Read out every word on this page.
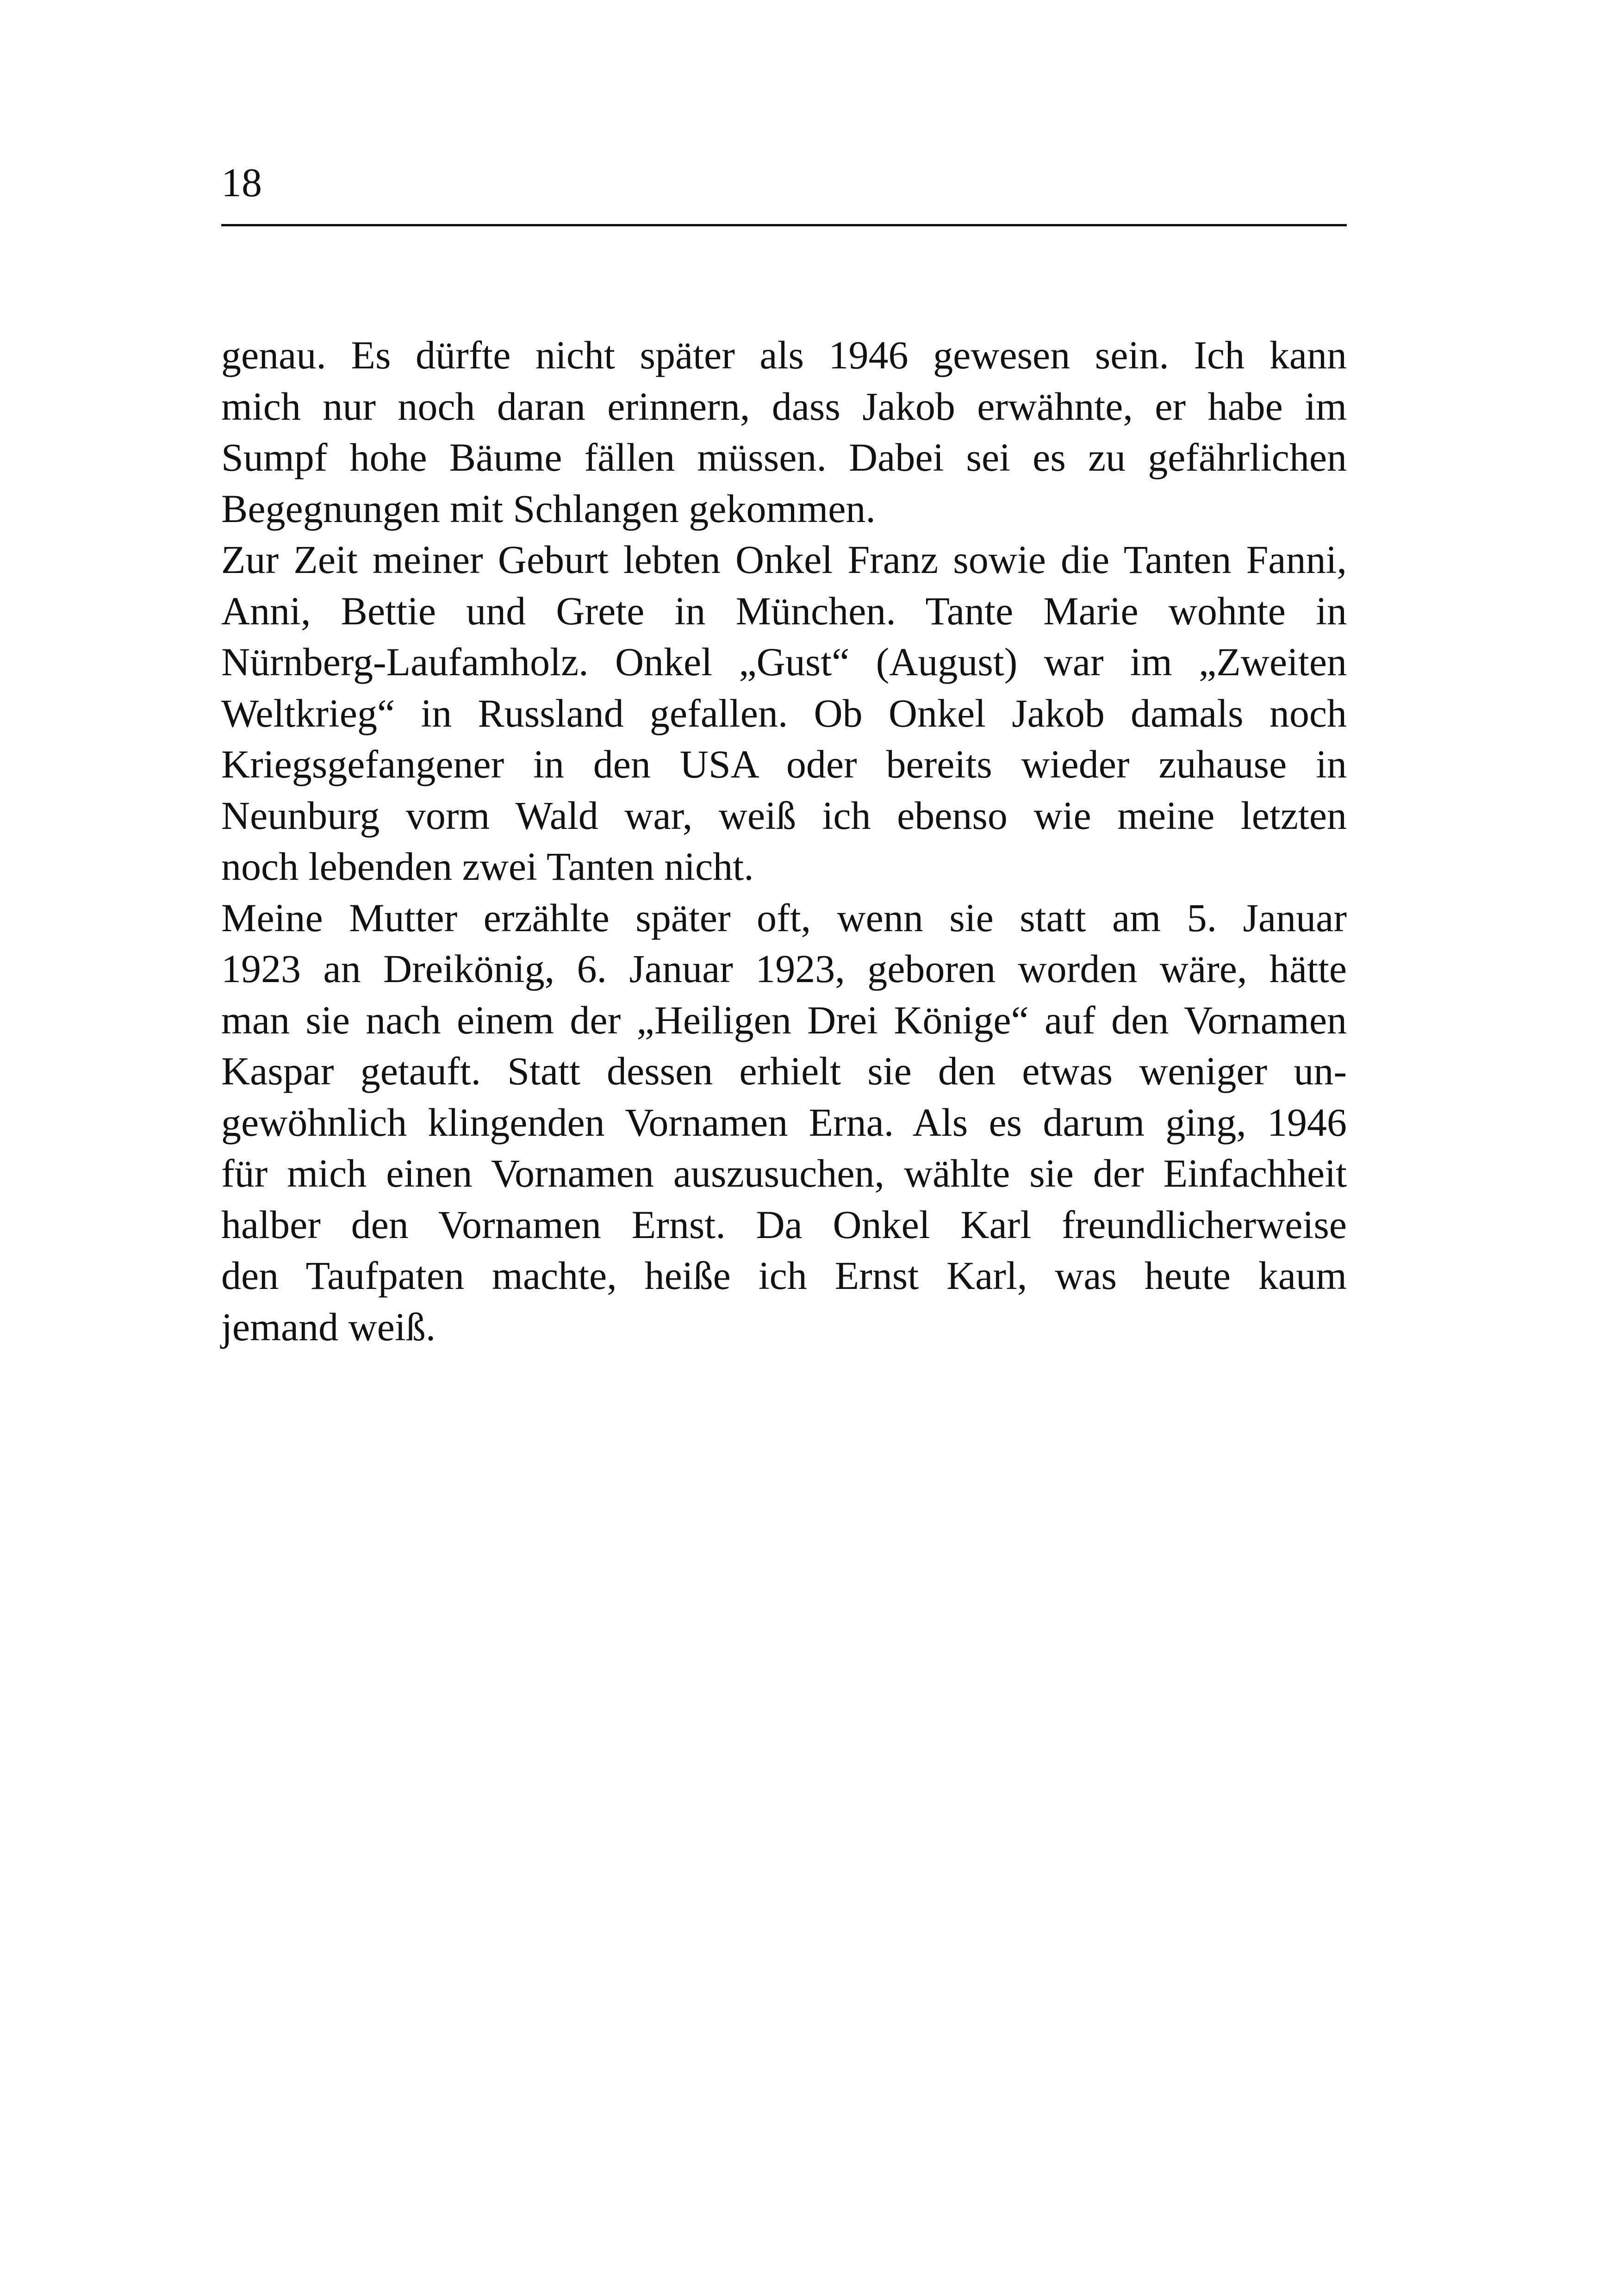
18
genau. Es dürfte nicht später als 1946 gewesen sein. Ich kann
mich nur noch daran erinnern, dass Jakob erwähnte, er habe im
Sumpf hohe Bäume fällen müssen. Dabei sei es zu gefährlichen
Begegnungen mit Schlangen gekommen.
Zur Zeit meiner Geburt lebten Onkel Franz sowie die Tanten Fanni,
Anni, Bettie und Grete in München. Tante Marie wohnte in
Nürnberg-Laufamholz. Onkel „Gust“ (August) war im „Zweiten
Weltkrieg“ in Russland gefallen. Ob Onkel Jakob damals noch
Kriegsgefangener in den USA oder bereits wieder zuhause in
Neunburg vorm Wald war, weiß ich ebenso wie meine letzten
noch lebenden zwei Tanten nicht.
Meine Mutter erzählte später oft, wenn sie statt am 5. Januar
1923 an Dreikönig, 6. Januar 1923, geboren worden wäre, hätte
man sie nach einem der „Heiligen Drei Könige“ auf den Vornamen
Kaspar getauft. Statt dessen erhielt sie den etwas weniger un-
gewöhnlich klingenden Vornamen Erna. Als es darum ging, 1946
für mich einen Vornamen auszusuchen, wählte sie der Einfachheit
halber den Vornamen Ernst. Da Onkel Karl freundlicherweise
den Taufpaten machte, heiße ich Ernst Karl, was heute kaum
jemand weiß.
